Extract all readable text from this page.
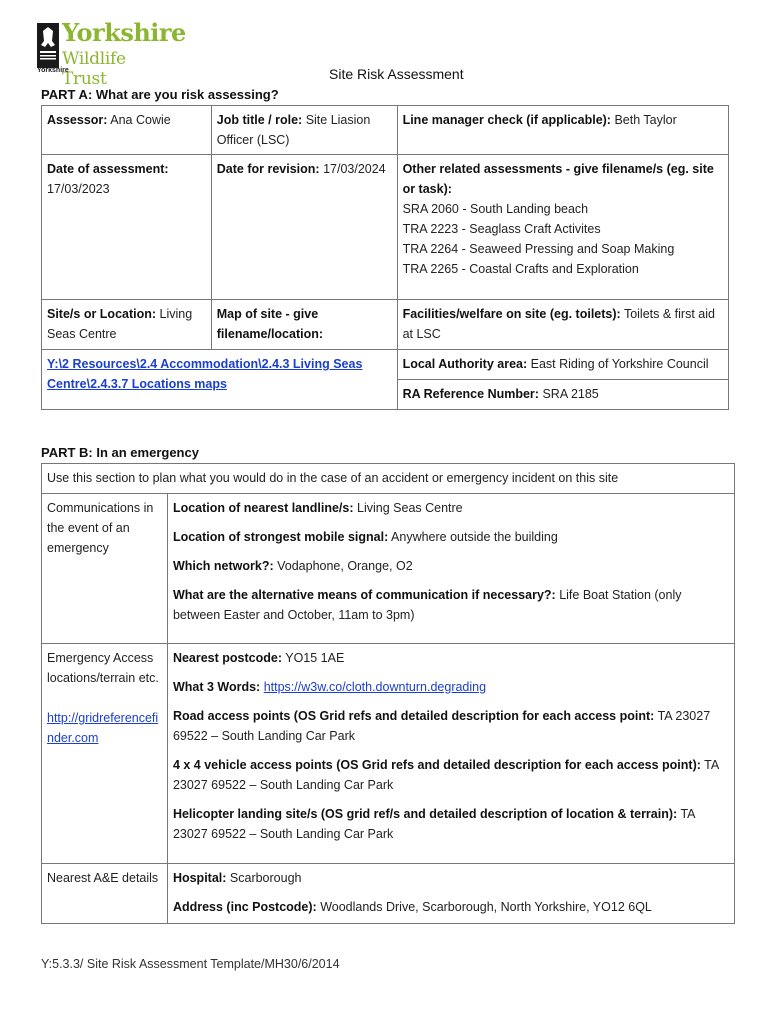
Yorkshire
Wildlife Trust
Yorkshire	Site Risk Assessment
PART A: What are you risk assessing?
Assessor: Ana Cowie	Job title / role: Site Liasion Officer (LSC)	Line manager check (if applicable): Beth Taylor
Date of assessment:
17/03/2023	Date for revision: 17/03/2024	Other related assessments - give filename/s (eg. site or task):
SRA 2060 - South Landing beach
TRA 2223 - Seaglass Craft Activites
TRA 2264 - Seaweed Pressing and Soap Making
TRA 2265 - Coastal Crafts and Exploration
Site/s or Location: Living Seas Centre	Map of site - give filename/location:	Facilities/welfare on site (eg. toilets): Toilets & first aid at LSC
Y:\2 Resources\2.4 Accommodation\2.4.3 Living Seas Centre\2.4.3.7 Locations maps		Local Authority area: East Riding of Yorkshire Council
		RA Reference Number: SRA 2185
PART B: In an emergency
Use this section to plan what you would do in the case of an accident or emergency incident on this site	
Communications in the event of an emergency	Location of nearest landline/s: Living Seas Centre
Location of strongest mobile signal: Anywhere outside the building
Which network?: Vodaphone, Orange, O2
What are the alternative means of communication if necessary?: Life Boat Station (only between Easter and October, 11am to 3pm)

Emergency Access locations/terrain etc.

http://gridreferencefinder.com	Nearest postcode: YO15 1AE
What 3 Words: https://w3w.co/cloth.downturn.degrading
Road access points (OS Grid refs and detailed description for each access point: TA 23027 69522 – South Landing Car Park
4 x 4 vehicle access points (OS Grid refs and detailed description for each access point): TA 23027 69522 – South Landing Car Park
Helicopter landing site/s (OS grid ref/s and detailed description of location & terrain): TA 23027 69522 – South Landing Car Park

Nearest A&E details	Hospital: Scarborough
Address (inc Postcode): Woodlands Drive, Scarborough, North Yorkshire, YO12 6QL
Y:5.3.3/ Site Risk Assessment Template/MH30/6/2014
